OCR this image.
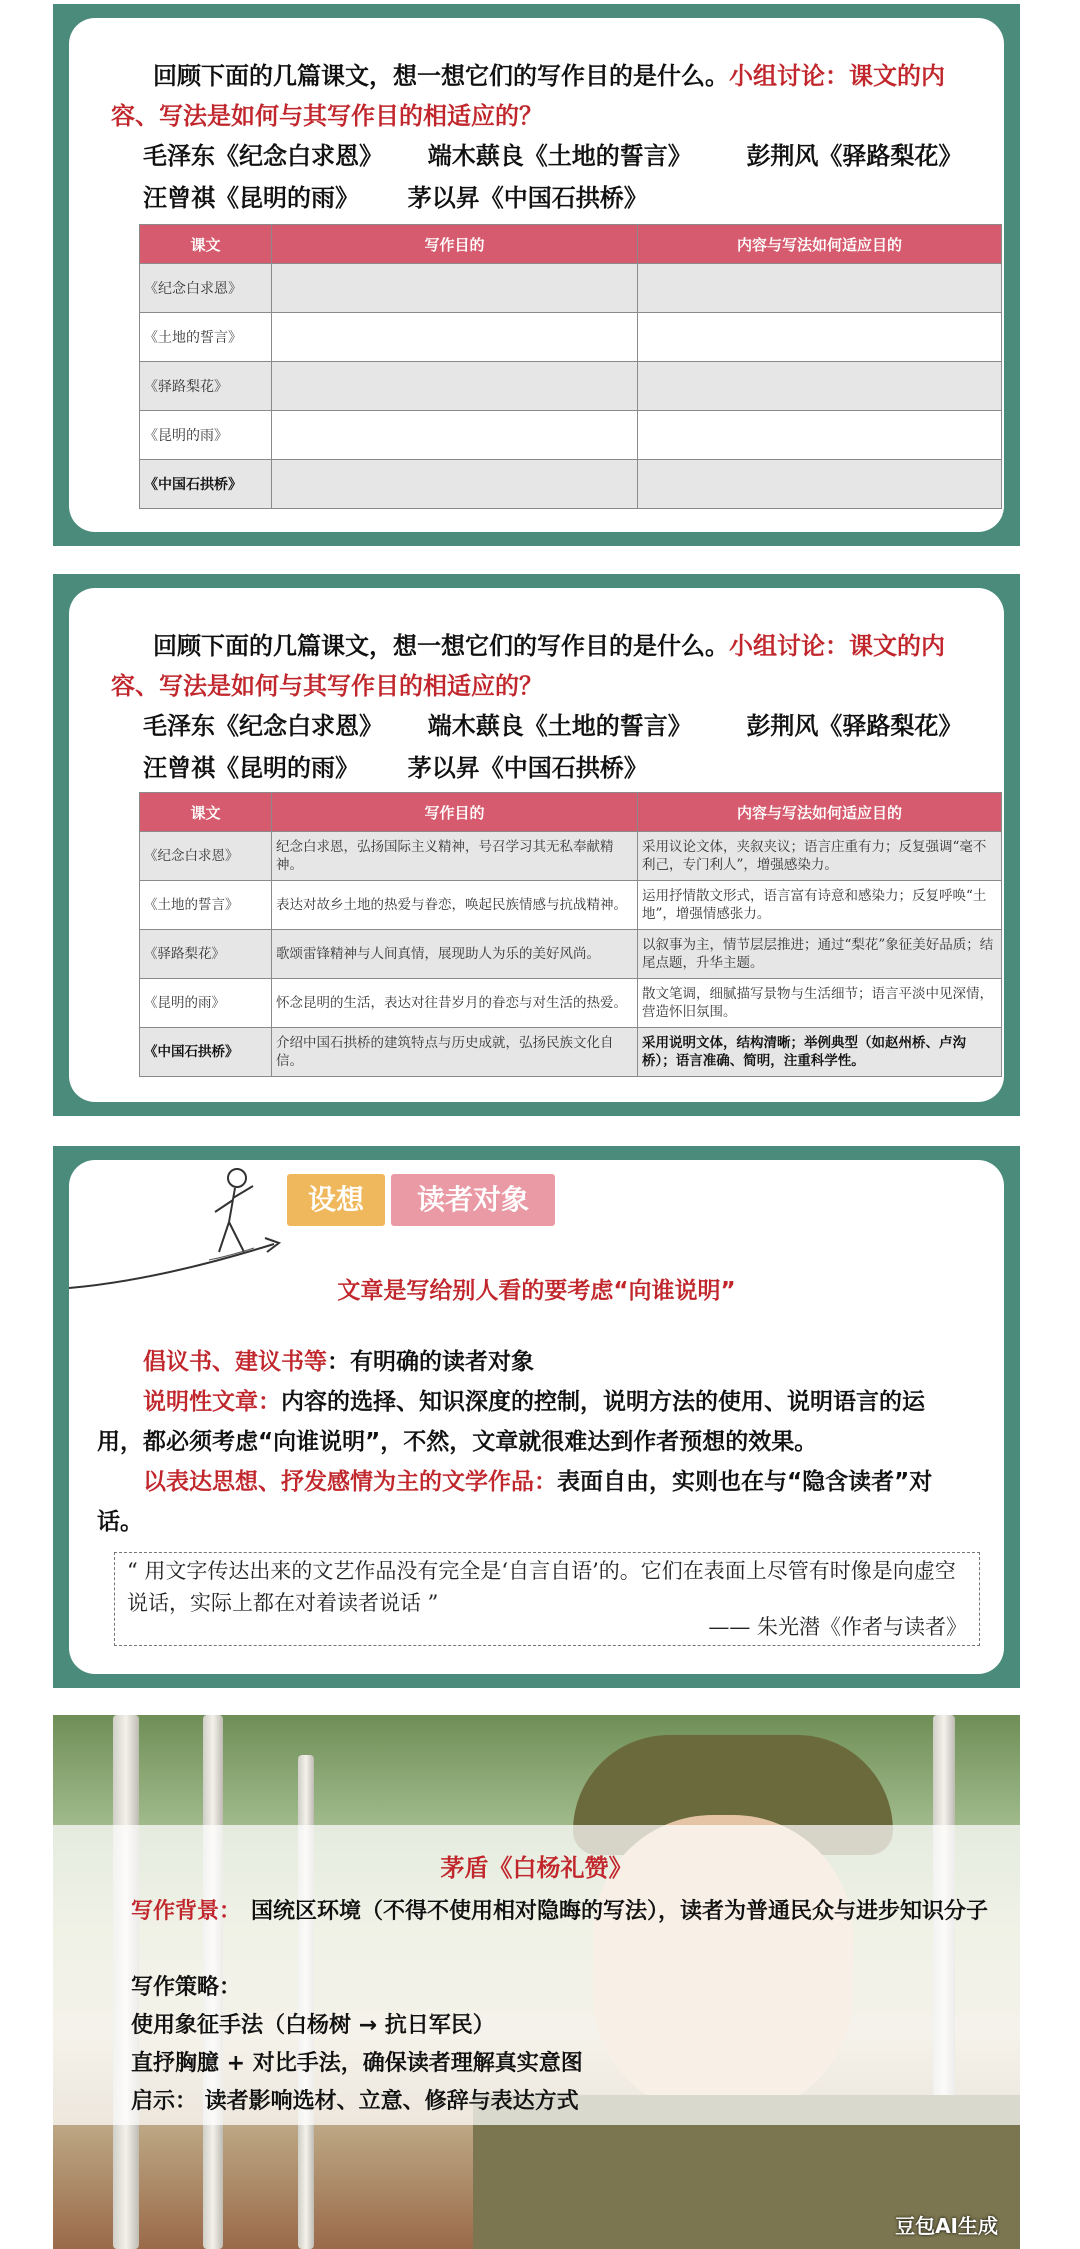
回顾下面的几篇课文，想一想它们的写作目的是什么。小组讨论：课文的内容、写法是如何与其写作目的相适应的？
毛泽东《纪念白求恩》 端木蕻良《土地的誓言》 彭荆风《驿路梨花》
汪曾祺《昆明的雨》 茅以昇《中国石拱桥》
课文	写作目的	内容与写法如何适应目的
《纪念白求恩》		
《土地的誓言》		
《驿路梨花》		
《昆明的雨》		
《中国石拱桥》		
回顾下面的几篇课文，想一想它们的写作目的是什么。小组讨论：课文的内容、写法是如何与其写作目的相适应的？
毛泽东《纪念白求恩》 端木蕻良《土地的誓言》 彭荆风《驿路梨花》
汪曾祺《昆明的雨》 茅以昇《中国石拱桥》
课文	写作目的	内容与写法如何适应目的
《纪念白求恩》	纪念白求恩，弘扬国际主义精神，号召学习其无私奉献精神。	采用议论文体，夹叙夹议；语言庄重有力；反复强调“毫不利己，专门利人”，增强感染力。
《土地的誓言》	表达对故乡土地的热爱与眷恋，唤起民族情感与抗战精神。	运用抒情散文形式，语言富有诗意和感染力；反复呼唤“土地”，增强情感张力。
《驿路梨花》	歌颂雷锋精神与人间真情，展现助人为乐的美好风尚。	以叙事为主，情节层层推进；通过“梨花”象征美好品质；结尾点题，升华主题。
《昆明的雨》	怀念昆明的生活，表达对往昔岁月的眷恋与对生活的热爱。	散文笔调，细腻描写景物与生活细节；语言平淡中见深情，营造怀旧氛围。
《中国石拱桥》	介绍中国石拱桥的建筑特点与历史成就，弘扬民族文化自信。	采用说明文体，结构清晰；举例典型（如赵州桥、卢沟桥）；语言准确、简明，注重科学性。
设想	读者对象
文章是写给别人看的要考虑“向谁说明”
倡议书、建议书等：有明确的读者对象
说明性文章：内容的选择、知识深度的控制，说明方法的使用、说明语言的运用，都必须考虑“向谁说明”，不然，文章就很难达到作者预想的效果。
以表达思想、抒发感情为主的文学作品：表面自由，实则也在与“隐含读者”对话。
“ 用文字传达出来的文艺作品没有完全是‘自言自语’的。它们在表面上尽管有时像是向虚空说话，实际上都在对着读者说话 ”
—— 朱光潜《作者与读者》
茅盾《白杨礼赞》
写作背景： 国统区环境（不得不使用相对隐晦的写法），读者为普通民众与进步知识分子
写作策略：
使用象征手法（白杨树 → 抗日军民）
直抒胸臆 + 对比手法，确保读者理解真实意图
启示： 读者影响选材、立意、修辞与表达方式
豆包AI生成
